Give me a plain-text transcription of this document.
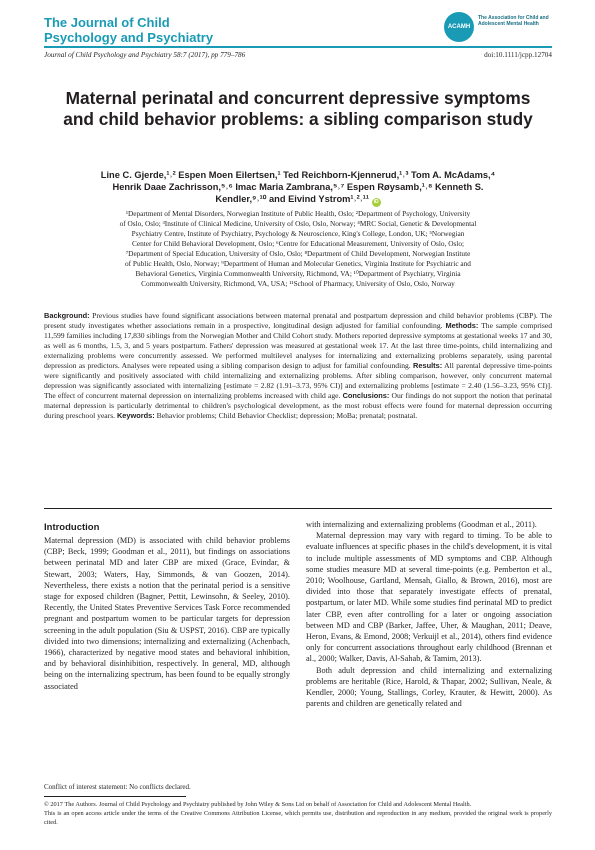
The Journal of Child
Psychology and Psychiatry
ACAMH
The Association for Child and Adolescent Mental Health
Journal of Child Psychology and Psychiatry 58:7 (2017), pp 779–786	doi:10.1111/jcpp.12704
Maternal perinatal and concurrent depressive symptoms and child behavior problems: a sibling comparison study
Line C. Gjerde,¹˒² Espen Moen Eilertsen,¹ Ted Reichborn-Kjennerud,¹˒³ Tom A. McAdams,⁴
Henrik Daae Zachrisson,⁵˒⁶ Imac Maria Zambrana,⁵˒⁷ Espen Røysamb,¹˒⁸ Kenneth S.
Kendler,⁹˒¹⁰ and Eivind Ystrom¹˒²˒¹¹ iD
¹Department of Mental Disorders, Norwegian Institute of Public Health, Oslo; ²Department of Psychology, University
of Oslo, Oslo; ³Institute of Clinical Medicine, University of Oslo, Oslo, Norway; ⁴MRC Social, Genetic & Developmental
Psychiatry Centre, Institute of Psychiatry, Psychology & Neuroscience, King's College, London, UK; ⁵Norwegian
Center for Child Behavioral Development, Oslo; ⁶Centre for Educational Measurement, University of Oslo, Oslo;
⁷Department of Special Education, University of Oslo, Oslo; ⁸Department of Child Development, Norwegian Institute
of Public Health, Oslo, Norway; ⁹Department of Human and Molecular Genetics, Virginia Institute for Psychiatric and
Behavioral Genetics, Virginia Commonwealth University, Richmond, VA; ¹⁰Department of Psychiatry, Virginia
Commonwealth University, Richmond, VA, USA; ¹¹School of Pharmacy, University of Oslo, Oslo, Norway
Background: Previous studies have found significant associations between maternal prenatal and postpartum depression and child behavior problems (CBP). The present study investigates whether associations remain in a prospective, longitudinal design adjusted for familial confounding. Methods: The sample comprised 11,599 families including 17,830 siblings from the Norwegian Mother and Child Cohort study. Mothers reported depressive symptoms at gestational weeks 17 and 30, as well as 6 months, 1.5, 3, and 5 years postpartum. Fathers' depression was measured at gestational week 17. At the last three time-points, child internalizing and externalizing problems were concurrently assessed. We performed multilevel analyses for internalizing and externalizing problems separately, using parental depression as predictors. Analyses were repeated using a sibling comparison design to adjust for familial confounding. Results: All parental depressive time-points were significantly and positively associated with child internalizing and externalizing problems. After sibling comparison, however, only concurrent maternal depression was significantly associated with internalizing [estimate = 2.82 (1.91–3.73, 95% CI)] and externalizing problems [estimate = 2.40 (1.56–3.23, 95% CI)]. The effect of concurrent maternal depression on internalizing problems increased with child age. Conclusions: Our findings do not support the notion that perinatal maternal depression is particularly detrimental to children's psychological development, as the most robust effects were found for maternal depression occurring during preschool years. Keywords: Behavior problems; Child Behavior Checklist; depression; MoBa; prenatal; postnatal.
Introduction

Maternal depression (MD) is associated with child behavior problems (CBP; Beck, 1999; Goodman et al., 2011), but findings on associations between perinatal MD and later CBP are mixed (Grace, Evindar, & Stewart, 2003; Waters, Hay, Simmonds, & van Goozen, 2014). Nevertheless, there exists a notion that the perinatal period is a sensitive stage for exposed children (Bagner, Pettit, Lewinsohn, & Seeley, 2010). Recently, the United States Preventive Services Task Force recommended pregnant and postpartum women to be particular targets for depression screening in the adult population (Siu & USPST, 2016). CBP are typically divided into two dimensions; internalizing and externalizing (Achenbach, 1966), characterized by negative mood states and behavioral inhibition, and by behavioral disinhibition, respectively. In general, MD, although being on the internalizing spectrum, has been found to be equally strongly associated

with internalizing and externalizing problems (Goodman et al., 2011).

Maternal depression may vary with regard to timing. To be able to evaluate influences at specific phases in the child's development, it is vital to include multiple assessments of MD symptoms and CBP. Although some studies measure MD at several time-points (e.g. Pemberton et al., 2010; Woolhouse, Gartland, Mensah, Giallo, & Brown, 2016), most are divided into those that separately investigate effects of prenatal, postpartum, or later MD. While some studies find perinatal MD to predict later CBP, even after controlling for a later or ongoing association between MD and CBP (Barker, Jaffee, Uher, & Maughan, 2011; Deave, Heron, Evans, & Emond, 2008; Verkuijl et al., 2014), others find evidence only for concurrent associations throughout early childhood (Brennan et al., 2000; Walker, Davis, Al-Sahab, & Tamim, 2013).

Both adult depression and child internalizing and externalizing problems are heritable (Rice, Harold, & Thapar, 2002; Sullivan, Neale, & Kendler, 2000; Young, Stallings, Corley, Krauter, & Hewitt, 2000). As parents and children are genetically related and

Conflict of interest statement: No conflicts declared.

© 2017 The Authors. Journal of Child Psychology and Psychiatry published by John Wiley & Sons Ltd on behalf of Association for Child and Adolescent Mental Health.

This is an open access article under the terms of the Creative Commons Attribution License, which permits use, distribution and reproduction in any medium, provided the original work is properly cited.
